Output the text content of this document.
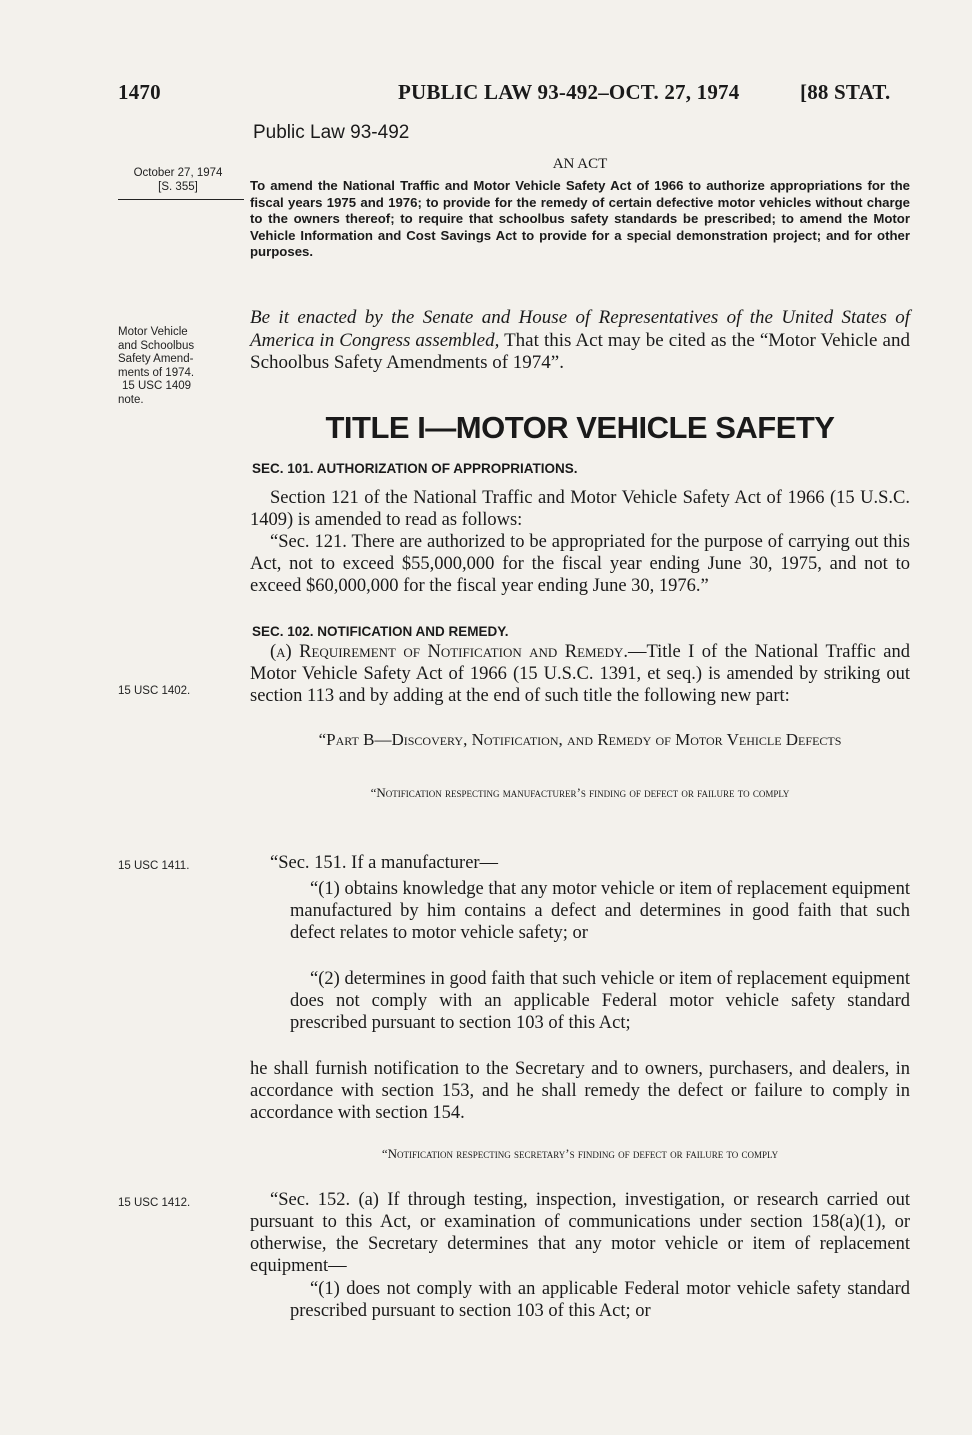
1470	PUBLIC LAW 93-492–OCT. 27, 1974	[88 STAT.
October 27, 1974
[S. 355]
Motor Vehicle
and Schoolbus
Safety Amend-
ments of 1974.
15 USC 1409
note.
15 USC 1402.
15 USC 1411.
15 USC 1412.
Public Law 93-492
AN ACT
To amend the National Traffic and Motor Vehicle Safety Act of 1966 to authorize appropriations for the fiscal years 1975 and 1976; to provide for the remedy of certain defective motor vehicles without charge to the owners thereof; to require that schoolbus safety standards be prescribed; to amend the Motor Vehicle Information and Cost Savings Act to provide for a special demonstration project; and for other purposes.
Be it enacted by the Senate and House of Representatives of the United States of America in Congress assembled, That this Act may be cited as the “Motor Vehicle and Schoolbus Safety Amendments of 1974”.
TITLE I—MOTOR VEHICLE SAFETY
SEC. 101. AUTHORIZATION OF APPROPRIATIONS.
Section 121 of the National Traffic and Motor Vehicle Safety Act of 1966 (15 U.S.C. 1409) is amended to read as follows:
“Sec. 121. There are authorized to be appropriated for the purpose of carrying out this Act, not to exceed $55,000,000 for the fiscal year ending June 30, 1975, and not to exceed $60,000,000 for the fiscal year ending June 30, 1976.”
SEC. 102. NOTIFICATION AND REMEDY.
(a) Requirement of Notification and Remedy.—Title I of the National Traffic and Motor Vehicle Safety Act of 1966 (15 U.S.C. 1391, et seq.) is amended by striking out section 113 and by adding at the end of such title the following new part:
“Part B—Discovery, Notification, and Remedy of Motor Vehicle Defects
“Notification respecting manufacturer’s finding of defect or failure to comply
“Sec. 151. If a manufacturer—
“(1) obtains knowledge that any motor vehicle or item of replacement equipment manufactured by him contains a defect and determines in good faith that such defect relates to motor vehicle safety; or
“(2) determines in good faith that such vehicle or item of replacement equipment does not comply with an applicable Federal motor vehicle safety standard prescribed pursuant to section 103 of this Act;
he shall furnish notification to the Secretary and to owners, purchasers, and dealers, in accordance with section 153, and he shall remedy the defect or failure to comply in accordance with section 154.
“Notification respecting secretary’s finding of defect or failure to comply
“Sec. 152. (a) If through testing, inspection, investigation, or research carried out pursuant to this Act, or examination of communications under section 158(a)(1), or otherwise, the Secretary determines that any motor vehicle or item of replacement equipment—
“(1) does not comply with an applicable Federal motor vehicle safety standard prescribed pursuant to section 103 of this Act; or
